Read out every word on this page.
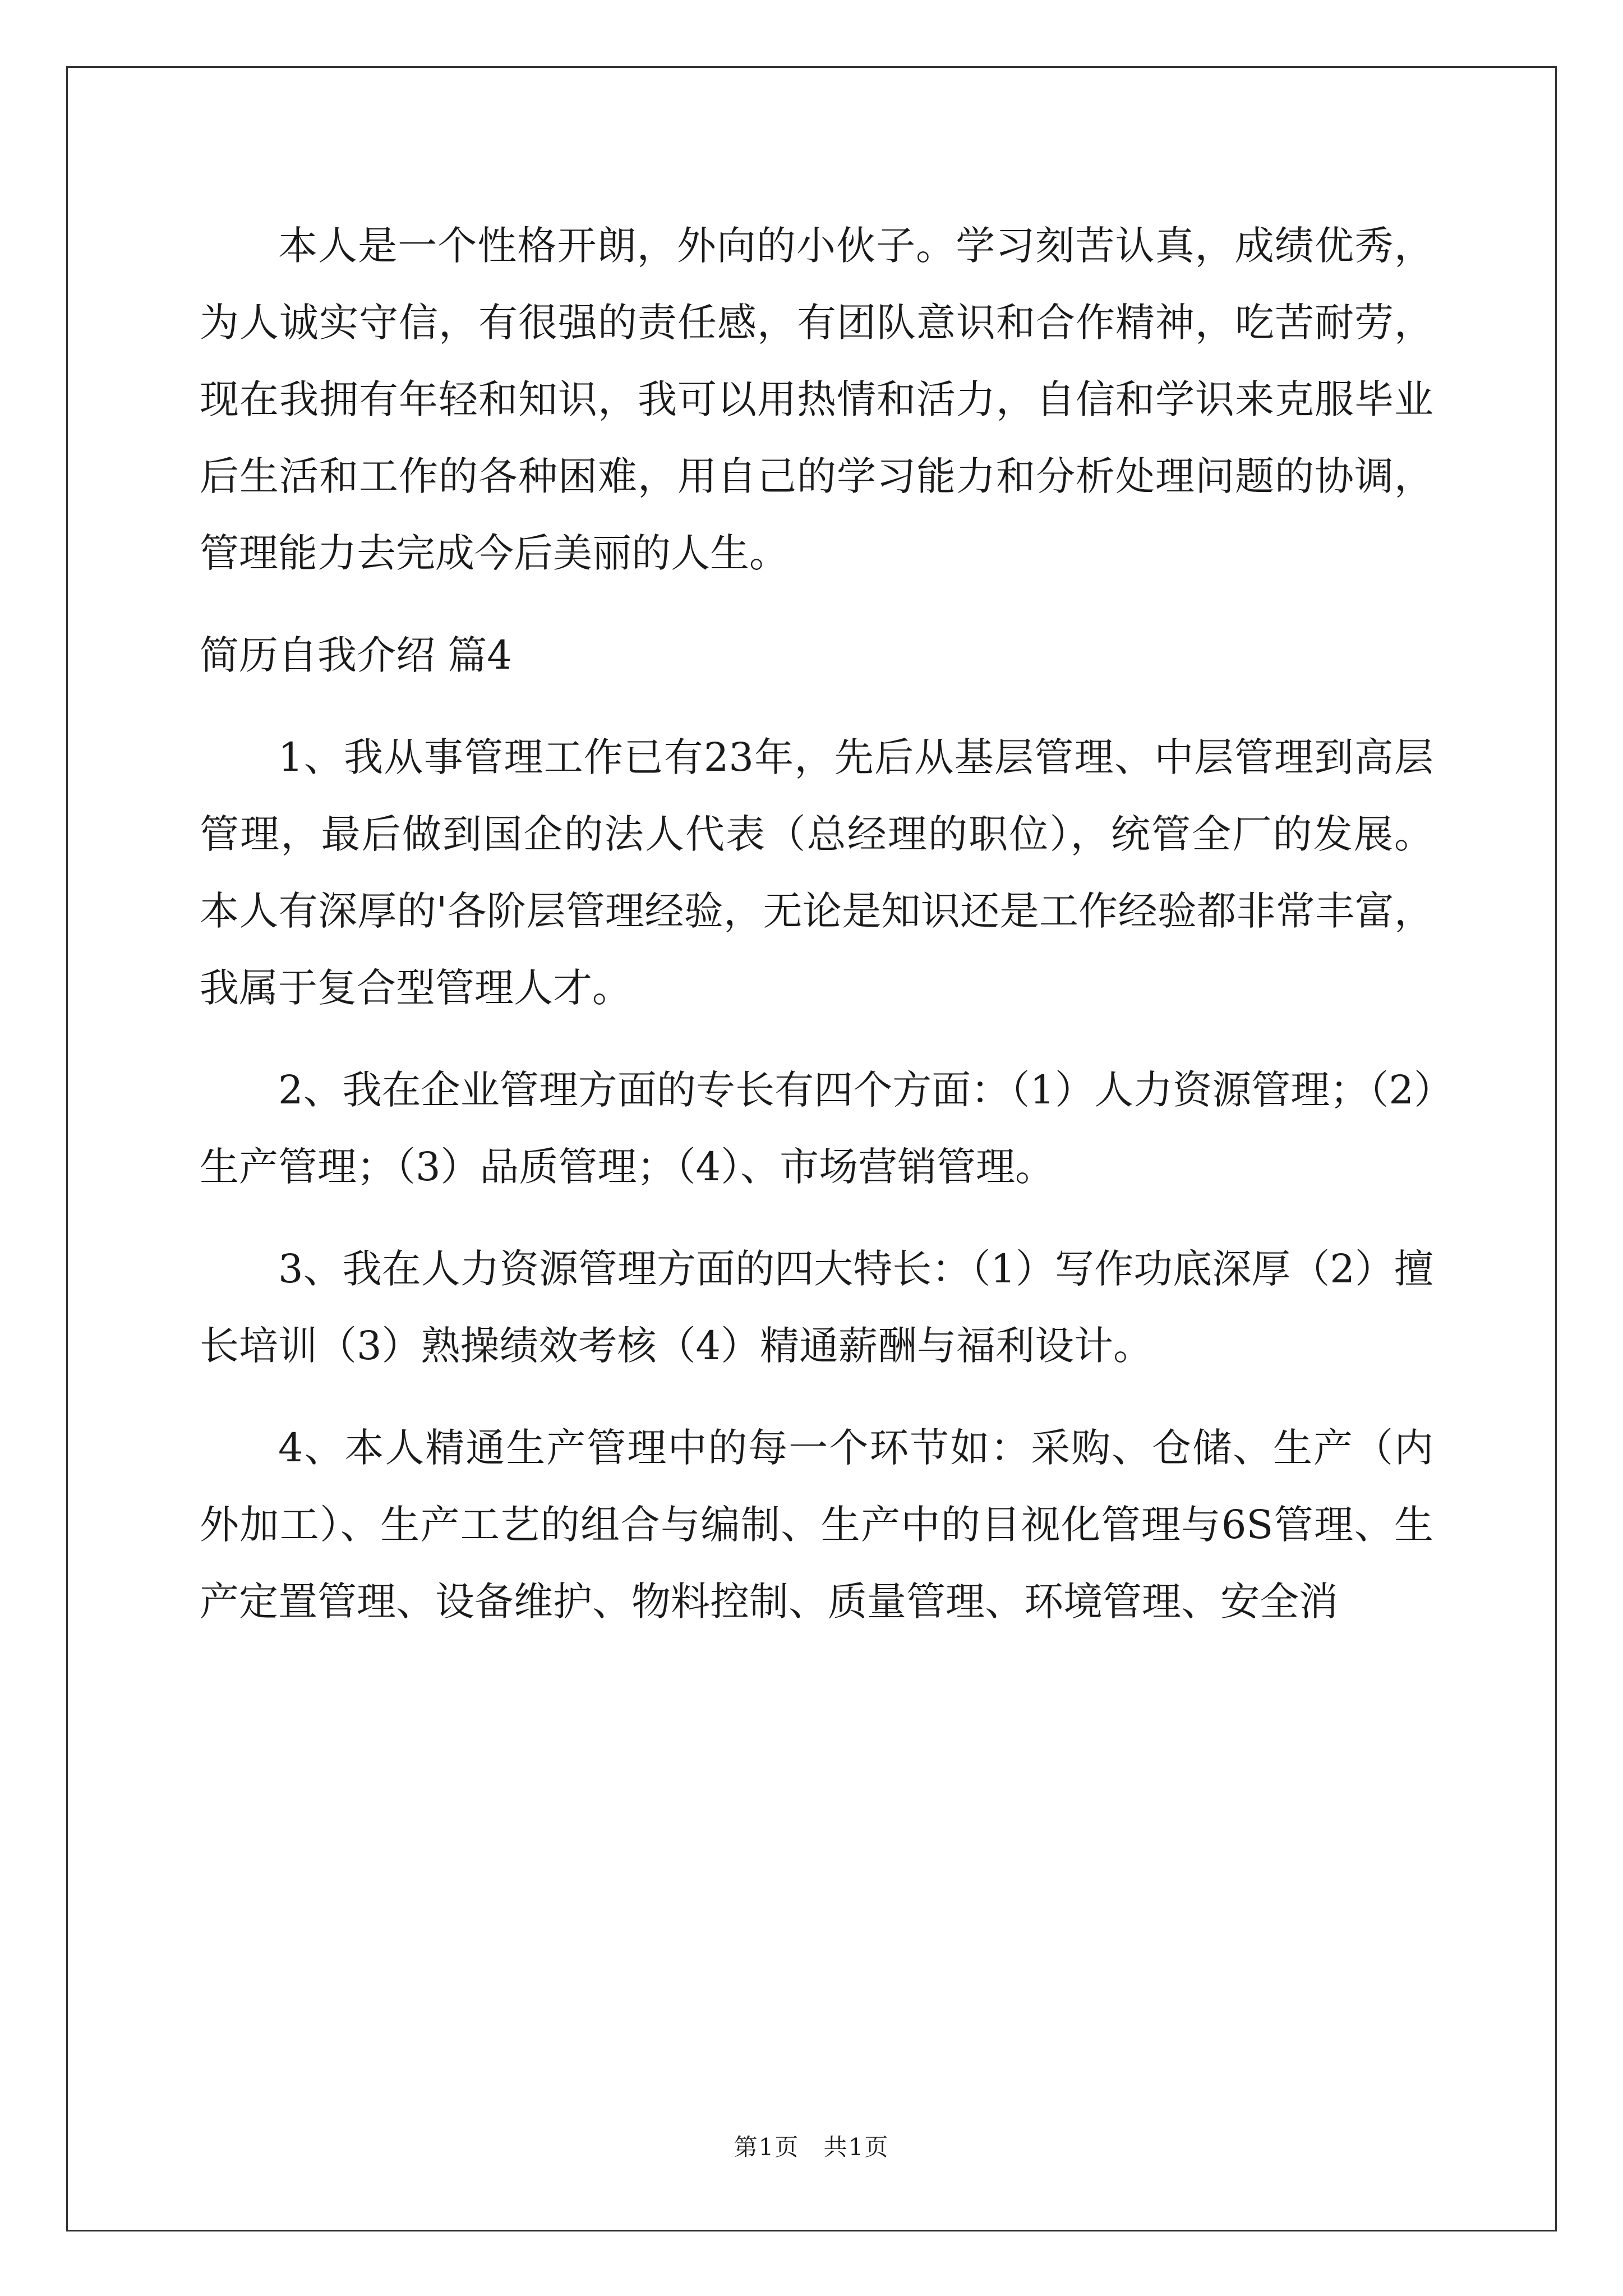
本人是一个性格开朗，外向的小伙子。学习刻苦认真，成绩优秀，为人诚实守信，有很强的责任感，有团队意识和合作精神，吃苦耐劳，现在我拥有年轻和知识，我可以用热情和活力，自信和学识来克服毕业后生活和工作的各种困难，用自己的学习能力和分析处理问题的协调，管理能力去完成今后美丽的人生。

简历自我介绍 篇4

1、我从事管理工作已有23年，先后从基层管理、中层管理到高层管理，最后做到国企的法人代表（总经理的职位），统管全厂的发展。本人有深厚的'各阶层管理经验，无论是知识还是工作经验都非常丰富，我属于复合型管理人才。

2、我在企业管理方面的专长有四个方面：（1）人力资源管理；（2）生产管理；（3）品质管理；（4）、市场营销管理。

3、我在人力资源管理方面的四大特长：（1）写作功底深厚（2）擅长培训（3）熟操绩效考核（4）精通薪酬与福利设计。

4、本人精通生产管理中的每一个环节如：采购、仓储、生产（内外加工）、生产工艺的组合与编制、生产中的目视化管理与6S管理、生产定置管理、设备维护、物料控制、质量管理、环境管理、安全消

第1页 共1页
